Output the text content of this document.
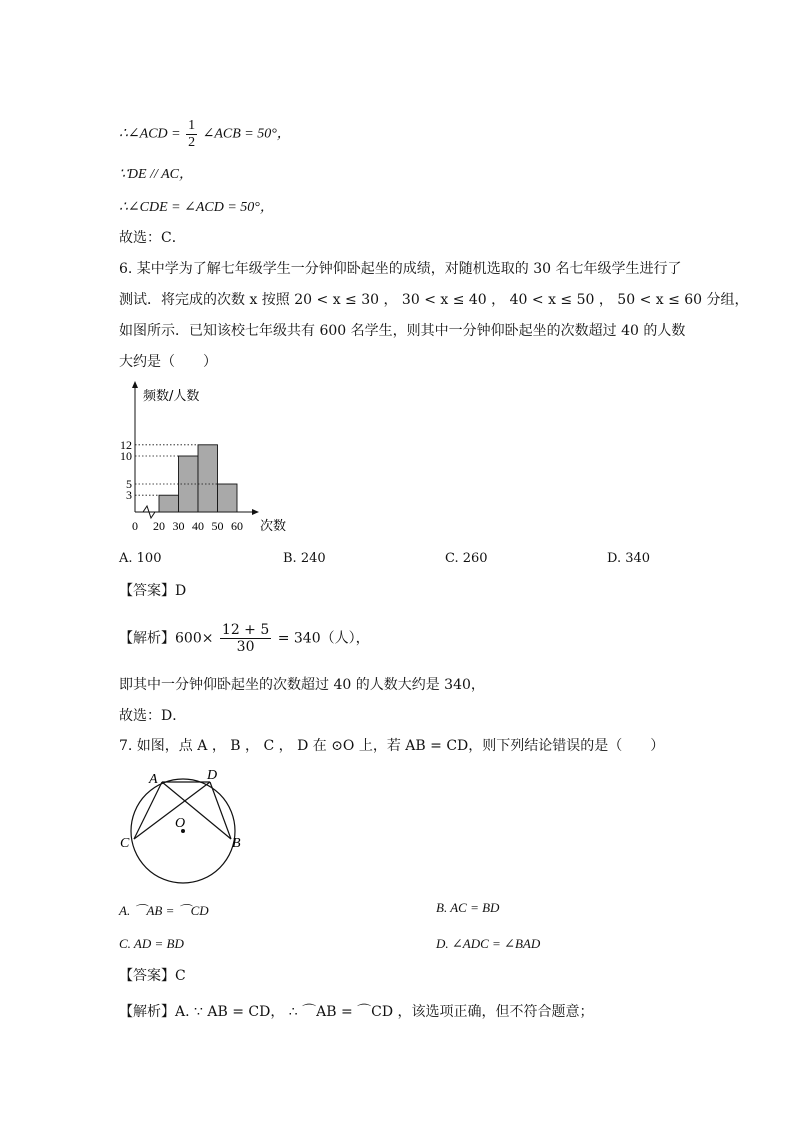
∴∠ACD = $\frac{1}{2}$ ∠ACB = 50°，
∵DE // AC，
∴∠CDE = ∠ACD = 50°，
故选：C．
6. 某中学为了解七年级学生一分钟仰卧起坐的成绩，对随机选取的 30 名七年级学生进行了
测试．将完成的次数 x 按照 20 < x ≤ 30 ， 30 < x ≤ 40 ， 40 < x ≤ 50 ， 50 < x ≤ 60 分组，
如图所示．已知该校七年级共有 600 名学生，则其中一分钟仰卧起坐的次数超过 40 的人数
大约是（　　）
频数/人数
次数
3
5
10
12
0 20 30 40 50 60
A. 100	B. 240	C. 260	D. 340
【答案】D
【解析】$600\times \frac{12 + 5}{30} = 340$（人），
即其中一分钟仰卧起坐的次数超过 40 的人数大约是 340，
故选：D．
7. 如图，点 A ， B ， C ， D 在 ⊙O 上，若 AB = CD，则下列结论错误的是（　　）
A	D
C	B
O
A. ⌒AB = ⌒CD	B. AC = BD
C. AD = BD	D. ∠ADC = ∠BAD
【答案】C
【解析】A. ∵ AB = CD， ∴ ⌒AB = ⌒CD ，该选项正确，但不符合题意；
